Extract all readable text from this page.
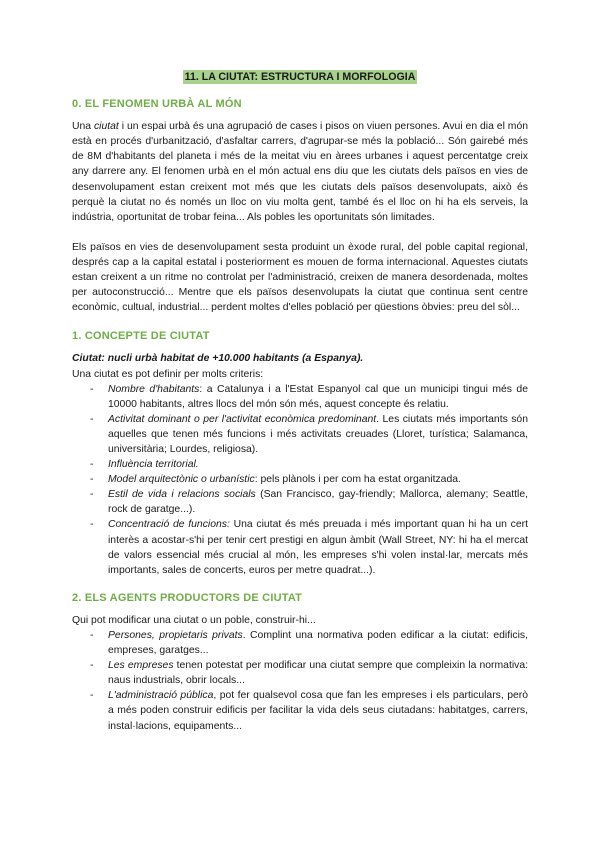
11. LA CIUTAT: ESTRUCTURA I MORFOLOGIA
0. EL FENOMEN URBÀ AL MÓN

Una ciutat i un espai urbà és una agrupació de cases i pisos on viuen persones. Avui en dia el món està en procés d'urbanització, d'asfaltar carrers, d'agrupar-se més la població... Són gairebé més de 8M d'habitants del planeta i més de la meitat viu en àrees urbanes i aquest percentatge creix any darrere any. El fenomen urbà en el món actual ens diu que les ciutats dels països en vies de desenvolupament estan creixent mot més que les ciutats dels països desenvolupats, això és perquè la ciutat no és només un lloc on viu molta gent, també és el lloc on hi ha els serveis, la indústria, oportunitat de trobar feina... Als pobles les oportunitats són limitades.

Els països en vies de desenvolupament sesta produint un èxode rural, del poble capital regional, després cap a la capital estatal i posteriorment es mouen de forma internacional. Aquestes ciutats estan creixent a un ritme no controlat per l'administració, creixen de manera desordenada, moltes per autoconstrucció... Mentre que els països desenvolupats la ciutat que continua sent centre econòmic, cultual, industrial... perdent moltes d'elles població per qüestions òbvies: preu del sòl...

1. CONCEPTE DE CIUTAT

Ciutat: nucli urbà habitat de +10.000 habitants (a Espanya).

Una ciutat es pot definir per molts criteris:

- Nombre d'habitants: a Catalunya i a l'Estat Espanyol cal que un municipi tingui més de 10000 habitants, altres llocs del món són més, aquest concepte és relatiu.
- Activitat dominant o per l'activitat econòmica predominant. Les ciutats més importants són aquelles que tenen més funcions i més activitats creuades (Lloret, turística; Salamanca, universitària; Lourdes, religiosa).
- Influència territorial.
- Model arquitectònic o urbanístic: pels plànols i per com ha estat organitzada.
- Estil de vida i relacions socials (San Francisco, gay-friendly; Mallorca, alemany; Seattle, rock de garatge...).
- Concentració de funcions: Una ciutat és més preuada i més important quan hi ha un cert interès a acostar-s'hi per tenir cert prestigi en algun àmbit (Wall Street, NY: hi ha el mercat de valors essencial més crucial al món, les empreses s'hi volen instal·lar, mercats més importants, sales de concerts, euros per metre quadrat...).
2. ELS AGENTS PRODUCTORS DE CIUTAT

Qui pot modificar una ciutat o un poble, construir-hi...

- Persones, propietaris privats. Complint una normativa poden edificar a la ciutat: edificis, empreses, garatges...
- Les empreses tenen potestat per modificar una ciutat sempre que compleixin la normativa: naus industrials, obrir locals...
- L'administració pública, pot fer qualsevol cosa que fan les empreses i els particulars, però a més poden construir edificis per facilitar la vida dels seus ciutadans: habitatges, carrers, instal·lacions, equipaments...
